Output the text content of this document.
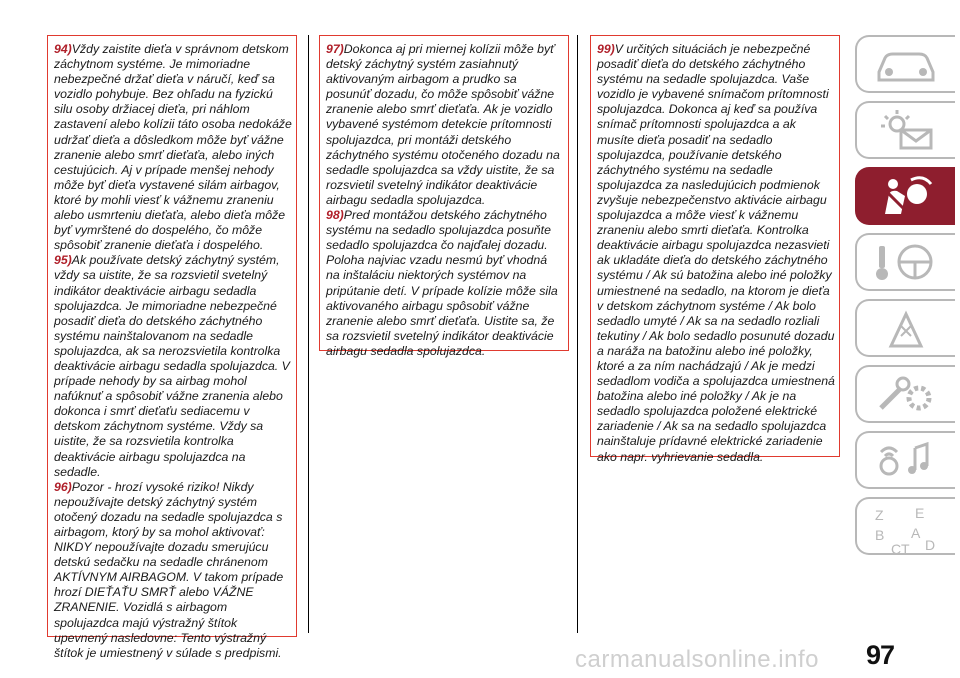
94)Vždy zaistite dieťa v správnom detskom záchytnom systéme. Je mimoriadne nebezpečné držať dieťa v náručí, keď sa vozidlo pohybuje. Bez ohľadu na fyzickú silu osoby držiacej dieťa, pri náhlom zastavení alebo kolízii táto osoba nedokáže udržať dieťa a dôsledkom môže byť vážne zranenie alebo smrť dieťaťa, alebo iných cestujúcich. Aj v prípade menšej nehody môže byť dieťa vystavené silám airbagov, ktoré by mohli viesť k vážnemu zraneniu alebo usmrteniu dieťaťa, alebo dieťa môže byť vymrštené do dospelého, čo môže spôsobiť zranenie dieťaťa i dospelého.

95)Ak používate detský záchytný systém, vždy sa uistite, že sa rozsvietil svetelný indikátor deaktivácie airbagu sedadla spolujazdca. Je mimoriadne nebezpečné posadiť dieťa do detského záchytného systému nainštalovanom na sedadle spolujazdca, ak sa nerozsvietila kontrolka deaktivácie airbagu sedadla spolujazdca. V prípade nehody by sa airbag mohol nafúknuť a spôsobiť vážne zranenia alebo dokonca i smrť dieťaťu sediacemu v detskom záchytnom systéme. Vždy sa uistite, že sa rozsvietila kontrolka deaktivácie airbagu spolujazdca na sedadle.

96)Pozor - hrozí vysoké riziko! Nikdy nepoužívajte detský záchytný systém otočený dozadu na sedadle spolujazdca s airbagom, ktorý by sa mohol aktivovať: NIKDY nepoužívajte dozadu smerujúcu detskú sedačku na sedadle chránenom AKTÍVNYM AIRBAGOM. V takom prípade hrozí DIEŤAŤU SMRŤ alebo VÁŽNE ZRANENIE. Vozidlá s airbagom spolujazdca majú výstražný štítok upevnený nasledovne: Tento výstražný štítok je umiestnený v súlade s predpismi.

97)Dokonca aj pri miernej kolízii môže byť detský záchytný systém zasiahnutý aktivovaným airbagom a prudko sa posunúť dozadu, čo môže spôsobiť vážne zranenie alebo smrť dieťaťa. Ak je vozidlo vybavené systémom detekcie prítomnosti spolujazdca, pri montáži detského záchytného systému otočeného dozadu na sedadle spolujazdca sa vždy uistite, že sa rozsvietil svetelný indikátor deaktivácie airbagu sedadla spolujazdca.

98)Pred montážou detského záchytného systému na sedadlo spolujazdca posuňte sedadlo spolujazdca čo najďalej dozadu. Poloha najviac vzadu nesmú byť vhodná na inštaláciu niektorých systémov na pripútanie detí. V prípade kolízie môže sila aktivovaného airbagu spôsobiť vážne zranenie alebo smrť dieťaťa. Uistite sa, že sa rozsvietil svetelný indikátor deaktivácie airbagu sedadla spolujazdca.

99)V určitých situáciách je nebezpečné posadiť dieťa do detského záchytného systému na sedadle spolujazdca. Vaše vozidlo je vybavené snímačom prítomnosti spolujazdca. Dokonca aj keď sa používa snímač prítomnosti spolujazdca a ak musíte dieťa posadiť na sedadlo spolujazdca, používanie detského záchytného systému na sedadle spolujazdca za nasledujúcich podmienok zvyšuje nebezpečenstvo aktivácie airbagu spolujazdca a môže viesť k vážnemu zraneniu alebo smrti dieťaťa. Kontrolka deaktivácie airbagu spolujazdca nezasvieti ak ukladáte dieťa do detského záchytného systému / Ak sú batožina alebo iné položky umiestnené na sedadlo, na ktorom je dieťa v detskom záchytnom systéme / Ak bolo sedadlo umyté / Ak sa na sedadlo rozliali tekutiny / Ak bolo sedadlo posunuté dozadu a naráža na batožinu alebo iné položky, ktoré a za ním nachádzajú / Ak je medzi sedadlom vodiča a spolujazdca umiestnená batožina alebo iné položky / Ak je na sedadlo spolujazdca položené elektrické zariadenie / Ak sa na sedadlo spolujazdca nainštaluje prídavné elektrické zariadenie ako napr. vyhrievanie sedadla.

Z E
B A
C T D
97
carmanualsonline.info
